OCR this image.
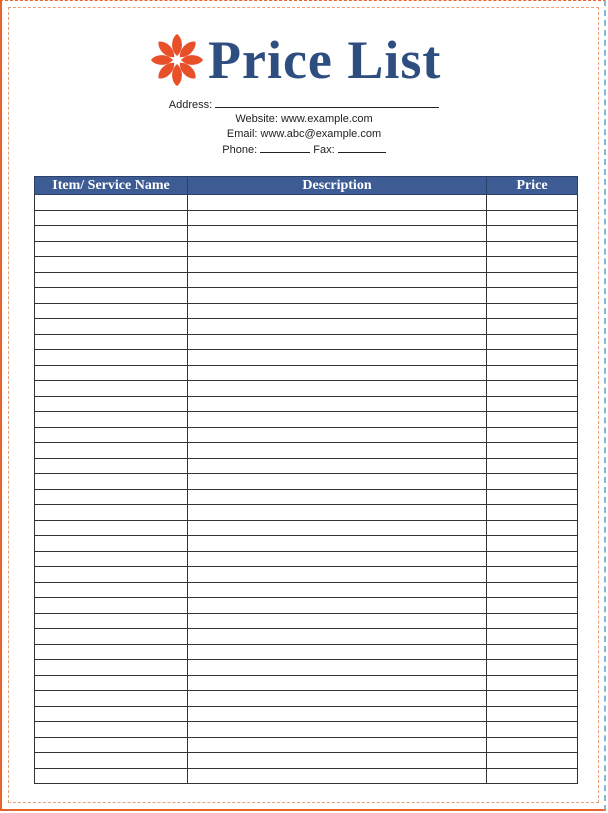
Price List
Address:
Website: www.example.com
Email: www.abc@example.com
Phone:	Fax:
Item/ Service Name	Description	Price
